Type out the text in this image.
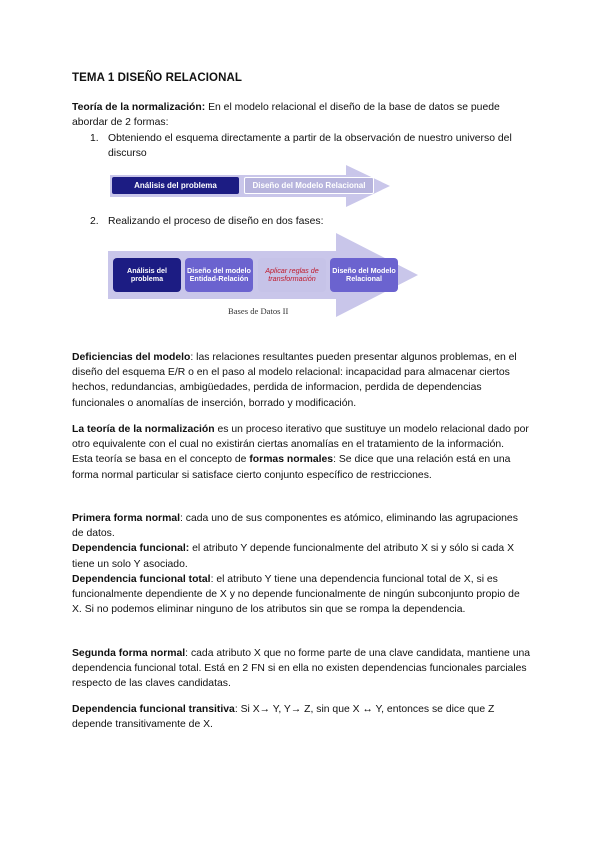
TEMA 1 DISEÑO RELACIONAL
Teoría de la normalización: En el modelo relacional el diseño de la base de datos se puede abordar de 2 formas:
1. Obteniendo el esquema directamente a partir de la observación de nuestro universo del discurso
Análisis del problema	Diseño del Modelo Relacional
2. Realizando el proceso de diseño en dos fases:
Análisis del problema
Diseño del modelo Entidad-Relación
Aplicar reglas de transformación
Diseño del Modelo Relacional
Bases de Datos II
Deficiencias del modelo: las relaciones resultantes pueden presentar algunos problemas, en el diseño del esquema E/R o en el paso al modelo relacional: incapacidad para almacenar ciertos hechos, redundancias, ambigüedades, perdida de informacion, perdida de dependencias funcionales o anomalías de inserción, borrado y modificación.
La teoría de la normalización es un proceso iterativo que sustituye un modelo relacional dado por otro equivalente con el cual no existirán ciertas anomalías en el tratamiento de la información.
Esta teoría se basa en el concepto de formas normales: Se dice que una relación está en una forma normal particular si satisface cierto conjunto específico de restricciones.
Primera forma normal: cada uno de sus componentes es atómico, eliminando las agrupaciones de datos.
Dependencia funcional: el atributo Y depende funcionalmente del atributo X si y sólo si cada X tiene un solo Y asociado.
Dependencia funcional total: el atributo Y tiene una dependencia funcional total de X, si es funcionalmente dependiente de X y no depende funcionalmente de ningún subconjunto propio de X. Si no podemos eliminar ninguno de los atributos sin que se rompa la dependencia.
Segunda forma normal: cada atributo X que no forme parte de una clave candidata, mantiene una dependencia funcional total. Está en 2 FN si en ella no existen dependencias funcionales parciales respecto de las claves candidatas.
Dependencia funcional transitiva: Si X→ Y, Y→ Z, sin que X ↔ Y, entonces se dice que Z depende transitivamente de X.
